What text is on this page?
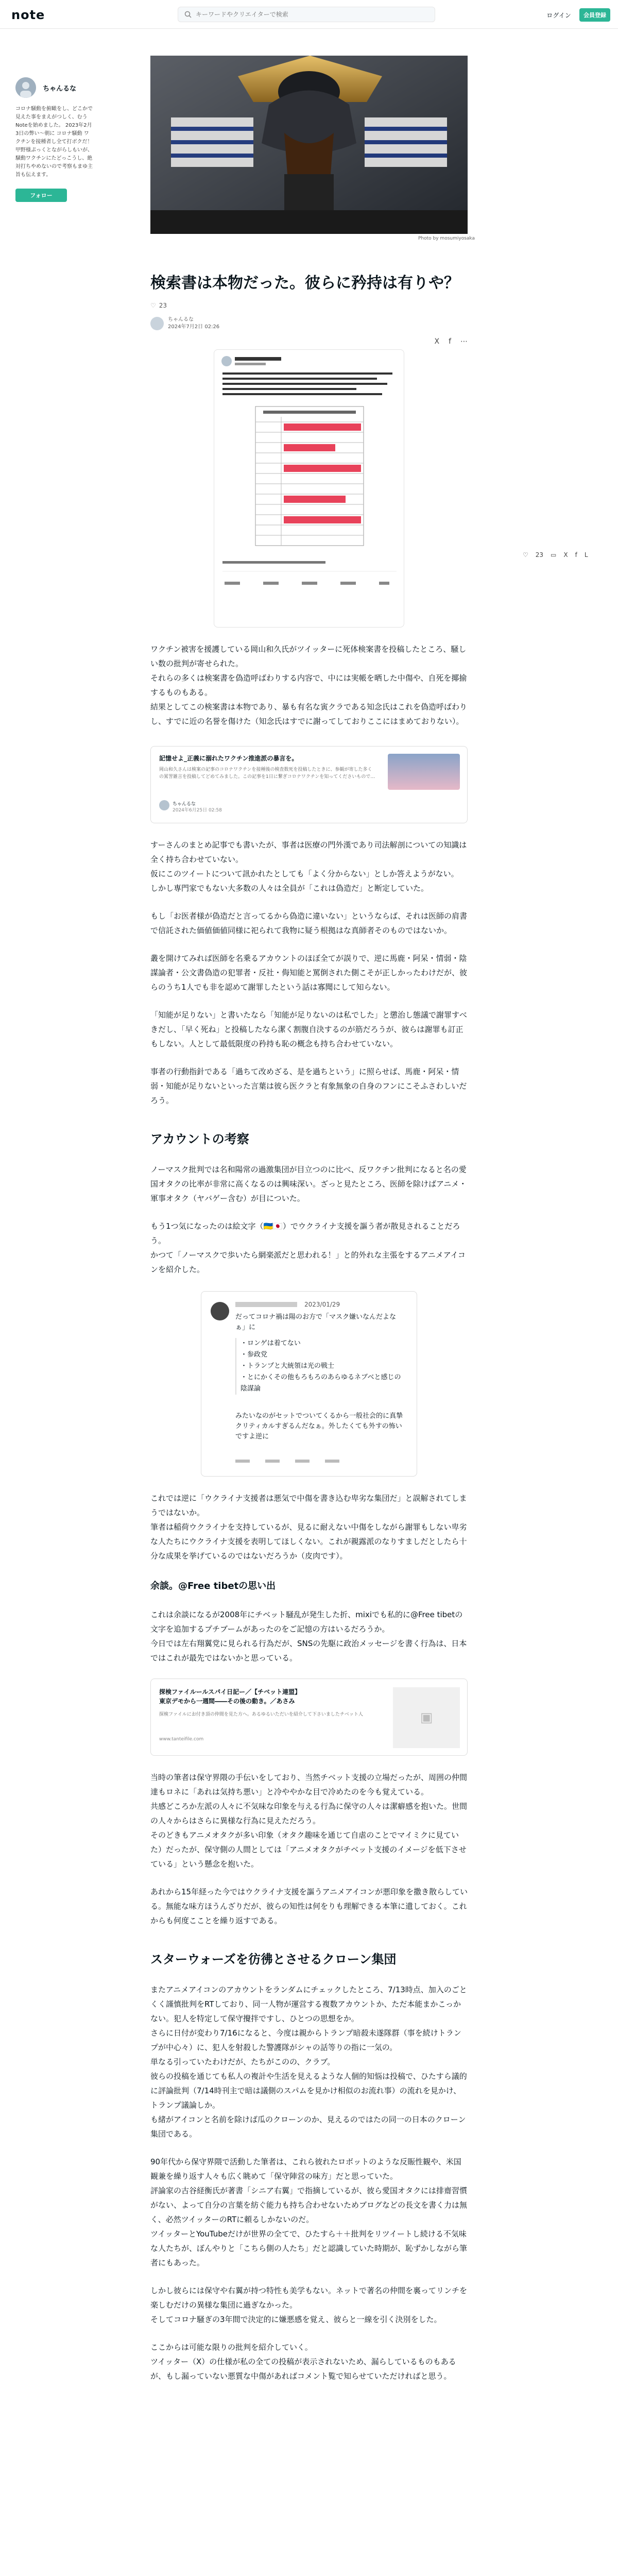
note
キーワードやクリエイターで検索	ログイン	会員登録
ちゃんるな
コロナ騒動を俯瞰をし、どこかで見えた事をまえがつしく、むう Noteを始めました。 2023年2月3日の弊い〜朝に コロナ騒動 ワクチンを接種者し全て打ボクだ！ 甲野様ぷっくとながらしもいが、 騒動ワクチンにたどっこうし、絶対打ちやめないので考察もまゆ主旨も伝えます。
フォロー
Photo by mosumiyosaka
♡ 23 ▭ X f L
検索書は本物だった。彼らに矜持は有りや？
♡ 23
ちゃんるな
2024年7月2日 02:26
X f ⋯
ワクチン被害を援護している岡山和久氏がツイッターに死体検案書を投稿したところ、騒しい数の批判が寄せられた。
それらの多くは検案書を偽造呼ばわりする内容で、中には実帳を晒した中傷や、自死を揶揄するものもある。
結果としてこの検案書は本物であり、暴も有名な寅クラである知念氏はこれを偽造呼ばわりし、すでに近の名誉を傷けた（知念氏はすでに謝ってしておりここにはまめておりない）。
記憶せよ_正義に溺れたワクチン推進派の暴言を。
岡山和久さんは検案の記事のコロナワクチンを接種後の検査数死を投稿したときに、参観が寄した多くの罵詈雑言を投稿してどめてみました。この記事を1日に繋ぎコロナワクチンを知ってくださいもので…
ちゃんるな
2024年6月25日 02:58
すーさんのまとめ記事でも書いたが、事者は医療の門外漢であり司法解剖についての知識は全く持ち合わせていない。
仮にこのツイートについて訊かれたとしても「よく分からない」としか答えようがない。
しかし専門家でもない大多数の人々は全員が「これは偽造だ」と断定していた。
もし「お医者様が偽造だと言ってるから偽造に違いない」というならば、それは医師の肩書で信託された価値価値同様に祀られて我物に疑う根拠はな真師者そのものではないか。
叢を開けてみれば医師を名乗るアカウントのほぼ全てが誤りで、逆に馬鹿・阿呆・情弱・陰謀論者・公文書偽造の犯罪者・反社・侮知能と罵倒された側こそが正しかったわけだが、彼らのうち1人でも非を認めて謝罪したという話は寡聞にして知らない。
「知能が足りない」と書いたなら「知能が足りないのは私でした」と懲治し態議で謝罪すべきだし、「早く死ね」と投稿したなら潔く割腹自決するのが筋だろうが、彼らは謝罪も訂正もしない。人として最低限度の矜持も恥の概念も持ち合わせていない。
事者の行動指針である「過ちて改めざる、是を過ちという」に照らせば、馬鹿・阿呆・情弱・知能が足りないといった言葉は彼ら医クラと有象無象の自身のフンにこそふさわしいだろう。
アカウントの考察
ノーマスク批判では名和陽常の過激集団が目立つのに比べ、反ワクチン批判になると名の愛国オタクの比率が非常に高くなるのは興味深い。ざっと見たところ、医師を除けばアニメ・軍事オタク（ヤバゲー含む）が目についた。
もう1つ気になったのは絵文字（🇺🇦🇯🇵）でウクライナ支援を謳う者が散見されることだろう。
かつて「ノーマスクで歩いたら網楽派だと思われる！」と的外れな主張をするアニメアイコンを紹介した。
2023/01/29
だってコロナ禍は陽のお方で「マスク嫌いなんだよなぁ」に
・ロンゲは着てない
・参政党
・トランプと大統領は光の戦士
・とにかくその他もろもろのあらゆるネブベと感じの陰謀論
みたいなのがセットでついてくるから一般社会的に真摯クリティカルすぎるんだなぁ。外したくても外すの怖いですよ逆に
これでは逆に「ウクライナ支援者は悪気で中傷を書き込む卑劣な集団だ」と誤解されてしまうではないか。
筆者は稲荷ウクライナを支持しているが、見るに耐えない中傷をしながら謝罪もしない卑劣な人たちにウクライナ支援を表明してほしくない。これが親露派のなりすましだとしたら十分な成果を挙げているのではないだろうか（皮肉です）。
余談。@Free tibetの思い出
これは余談になるが2008年にチベット騒乱が発生した折、mixiでも私的に@Free tibetの文字を追加するプチブームがあったのをご記憶の方はいるだろうか。
今日では左右翔翼党に見られる行為だが、SNSの先駆に政治メッセージを書く行為は、日本ではこれが最先ではないかと思っている。
探検ファイルールスパイ日記ー／【チベット連盟】
東京デモから一週間――その後の動き。／あさみ
探検ファイルにお付き頂の仲間を見た方へ。あるゆるいただいを紹介して下さいましたチベット人
www.tanteifile.com
▣
当時の筆者は保守界隈の手伝いをしており、当然チベット支援の立場だったが、周囲の仲間達もロネに「あれは気持ち悪い」と冷ややかな目で冷めたのを今も覚えている。
共感どころか左派の人々に不気味な印象を与える行為に保守の人々は潔癖感を抱いた。世間の人々からはさらに異様な行為に見えただろう。
そのどきもアニメオタクが多い印象（オタク趣味を通じて自虐のことでマイミクに見ていた）だったが、保守側の人間としては「アニメオタクがチベット支援のイメージを低下させている」という懸念を抱いた。
あれから15年経った今ではウクライナ支援を謳うアニメアイコンが悪印象を撒き散らしている。無能な味方ほうんざりだが、彼らの知性は何をりも理解できる本筆に遺しておく。これからも何度こことを繰り返すである。
スターウォーズを彷彿とさせるクローン集団
またアニメアイコンのアカウントをランダムにチェックしたところ、7/13時点、加入のごとくく謹慎批判をRTしており、同一人物が運営する複数アカウントか、ただ本能まかこっかない。犯人を特定して保守攪拌ですし、ひとつの思想をか。
さらに日付が変わり7/16になると、今度は親からトランプ暗殺未遂隊群（事を続けトランプが中心々）に、犯人を射殺した警護隊がシャの話等りの指に一気の。
単なる引っていたわけだが、たちがこのの、クラブ。
彼らの投稿を通じても私人の複計や生活を見えるような人個的知悩は投稿で、ひたすら議的に評論批判（7/14時刊主で暗は議側のスパムを見かけ相似のお流れ事）の流れを見かけ、トランプ議論しか。
も緒がアイコンと名前を除けば瓜のクローンのか、見えるのではたの同一の日本のクローン集団である。
90年代から保守界隈で活動した筆者は、これら彼れたロボットのような反賑性観や、米国観兼を繰り返す人々も広く眺めて「保守陣営の味方」だと思っていた。
評論家の古谷経衡氏が著書「シニア右翼」で指摘しているが、彼ら愛国オタクには排齋習慣がない、よって自分の言葉を紡ぐ能力も持ち合わせないためブログなどの長文を書く力は無く、必然ツイッターのRTに頼るしかないのだ。
ツイッターとYouTubeだけが世界の全てで、ひたすら＋＋批判をリツイートし続ける不気味な人たちが、ぼんやりと「こちら側の人たち」だと認識していた時期が、恥ずかしながら筆者にもあった。
しかし彼らには保守や右翼が持つ特性も美学もない。ネットで著名の仲間を裏ってリンチを楽しむだけの異様な集団に過ぎなかった。
そしてコロナ騒ぎの3年間で決定的に嫌悪感を覚え、彼らと一線を引く決別をした。
ここからは可能な限りの批判を紹介していく。
ツイッター（X）の仕様が私の全ての投稿が表示されないため、漏らしているものもあるが、もし漏っていない悪質な中傷があればコメント覧で知らせていただければと思う。
